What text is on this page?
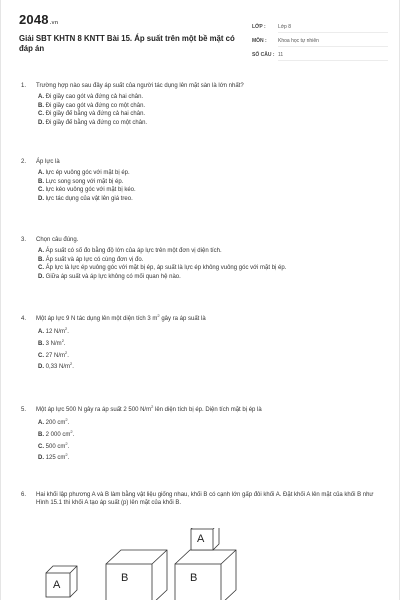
2048.vn
Giải SBT KHTN 8 KNTT Bài 15. Áp suất trên một bề mặt có đáp án
LỚP : Lớp 8
MÔN : Khoa học tự nhiên
SỐ CÂU : 11
1. Trường hợp nào sau đây áp suất của người tác dụng lên mặt sàn là lớn nhất?
A. Đi giầy cao gót và đứng cả hai chân.
B. Đi giầy cao gót và đứng co một chân.
C. Đi giầy đế bằng và đứng cả hai chân.
D. Đi giầy đế bằng và đứng co một chân.
2. Áp lực là
A. lực ép vuông góc với mặt bị ép.
B. Lực song song với mặt bị ép.
C. lực kéo vuông góc với mặt bị kéo.
D. lực tác dụng của vật lên giá treo.
3. Chọn câu đúng.
A. Áp suất có số đo bằng độ lớn của áp lực trên một đơn vị diện tích.
B. Áp suất và áp lực có cùng đơn vị đo.
C. Áp lực là lực ép vuông góc với mặt bị ép, áp suất là lực ép không vuông góc với mặt bị ép.
D. Giữa áp suất và áp lực không có mối quan hệ nào.
4. Một áp lực 9 N tác dụng lên một diện tích 3 $m^2$ gây ra áp suất là
A. 12 $N/m^2$.
B. 3 $N/m^2$.
C. 27 $N/m^2$.
D. 0,33 $N/m^2$.
5. Một áp lực 500 N gây ra áp suất 2 500 $N/m^2$ lên diện tích bị ép. Diện tích mặt bị ép là
A. 200 $cm^2$.
B. 2 000 $cm^2$.
C. 500 $cm^2$.
D. 125 $cm^2$.
6. Hai khối lập phương A và B làm bằng vật liệu giống nhau, khối B có cạnh lớn gấp đôi khối A. Đặt khối A lên mặt của khối B như Hình 15.1 thì khối A tạo áp suất (p) lên mặt của khối B.
A
B	B
A
